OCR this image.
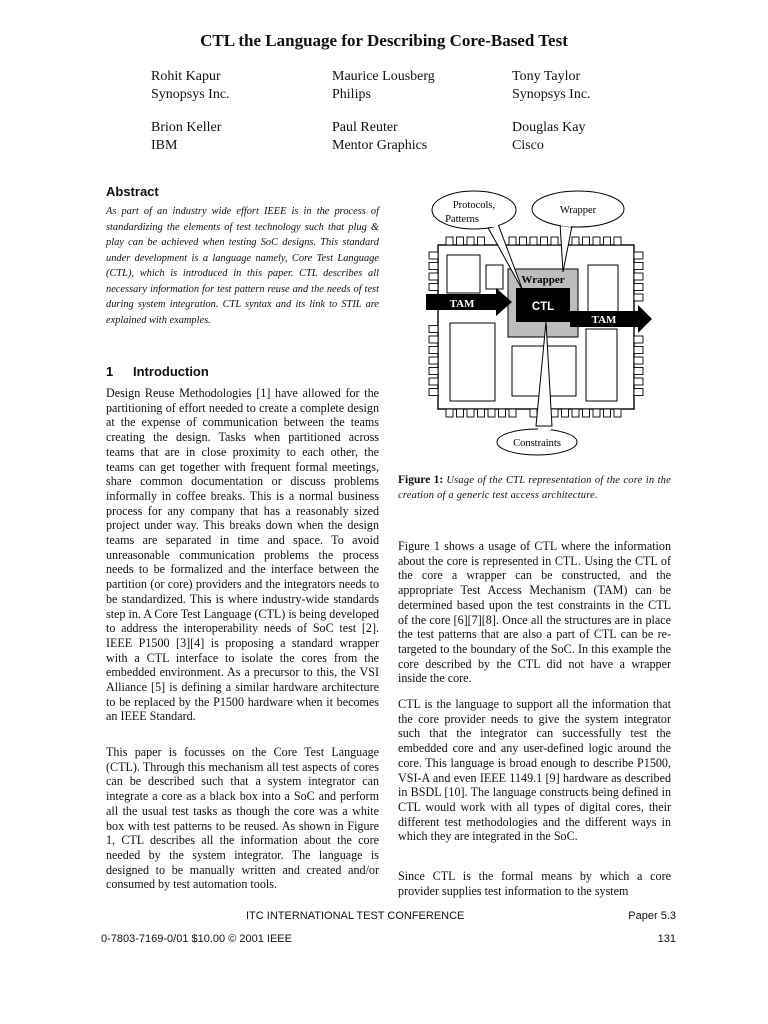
CTL the Language for Describing Core-Based Test
Rohit Kapur
Synopsys Inc.
Maurice Lousberg
Philips
Tony Taylor
Synopsys Inc.
Brion Keller
IBM
Paul Reuter
Mentor Graphics
Douglas Kay
Cisco
Abstract
As part of an industry wide effort IEEE is in the process of standardizing the elements of test technology such that plug & play can be achieved when testing SoC designs. This standard under development is a language namely, Core Test Language (CTL), which is introduced in this paper. CTL describes all necessary information for test pattern reuse and the needs of test during system integration. CTL syntax and its link to STIL are explained with examples.
1 Introduction
Design Reuse Methodologies [1] have allowed for the partitioning of effort needed to create a complete design at the expense of communication between the teams creating the design. Tasks when partitioned across teams that are in close proximity to each other, the teams can get together with frequent formal meetings, share common documentation or discuss problems informally in coffee breaks. This is a normal business process for any company that has a reasonably sized project under way. This breaks down when the design teams are separated in time and space. To avoid unreasonable communication problems the process needs to be formalized and the interface between the partition (or core) providers and the integrators needs to be standardized. This is where industry-wide standards step in. A Core Test Language (CTL) is being developed to address the interoperability needs of SoC test [2]. IEEE P1500 [3][4] is proposing a standard wrapper with a CTL interface to isolate the cores from the embedded environment. As a precursor to this, the VSI Alliance [5] is defining a similar hardware architecture to be replaced by the P1500 hardware when it becomes an IEEE Standard.
This paper is focusses on the Core Test Language (CTL). Through this mechanism all test aspects of cores can be described such that a system integrator can integrate a core as a black box into a SoC and perform all the usual test tasks as though the core was a white box with test patterns to be reused. As shown in Figure 1, CTL describes all the information about the core needed by the system integrator. The language is designed to be manually written and created and/or consumed by test automation tools.
Wrapper
CTL
TAM
TAM
Protocols,
Patterns
Wrapper
Constraints
Figure 1: Usage of the CTL representation of the core in the creation of a generic test access architecture.
Figure 1 shows a usage of CTL where the information about the core is represented in CTL. Using the CTL of the core a wrapper can be constructed, and the appropriate Test Access Mechanism (TAM) can be determined based upon the test constraints in the CTL of the core [6][7][8]. Once all the structures are in place the test patterns that are also a part of CTL can be re-targeted to the boundary of the SoC. In this example the core described by the CTL did not have a wrapper inside the core.
CTL is the language to support all the information that the core provider needs to give the system integrator such that the integrator can successfully test the embedded core and any user-defined logic around the core. This language is broad enough to describe P1500, VSI-A and even IEEE 1149.1 [9] hardware as described in BSDL [10]. The language constructs being defined in CTL would work with all types of digital cores, their different test methodologies and the different ways in which they are integrated in the SoC.
Since CTL is the formal means by which a core provider supplies test information to the system
ITC INTERNATIONAL TEST CONFERENCE	Paper 5.3
0-7803-7169-0/01 $10.00 © 2001 IEEE	131
